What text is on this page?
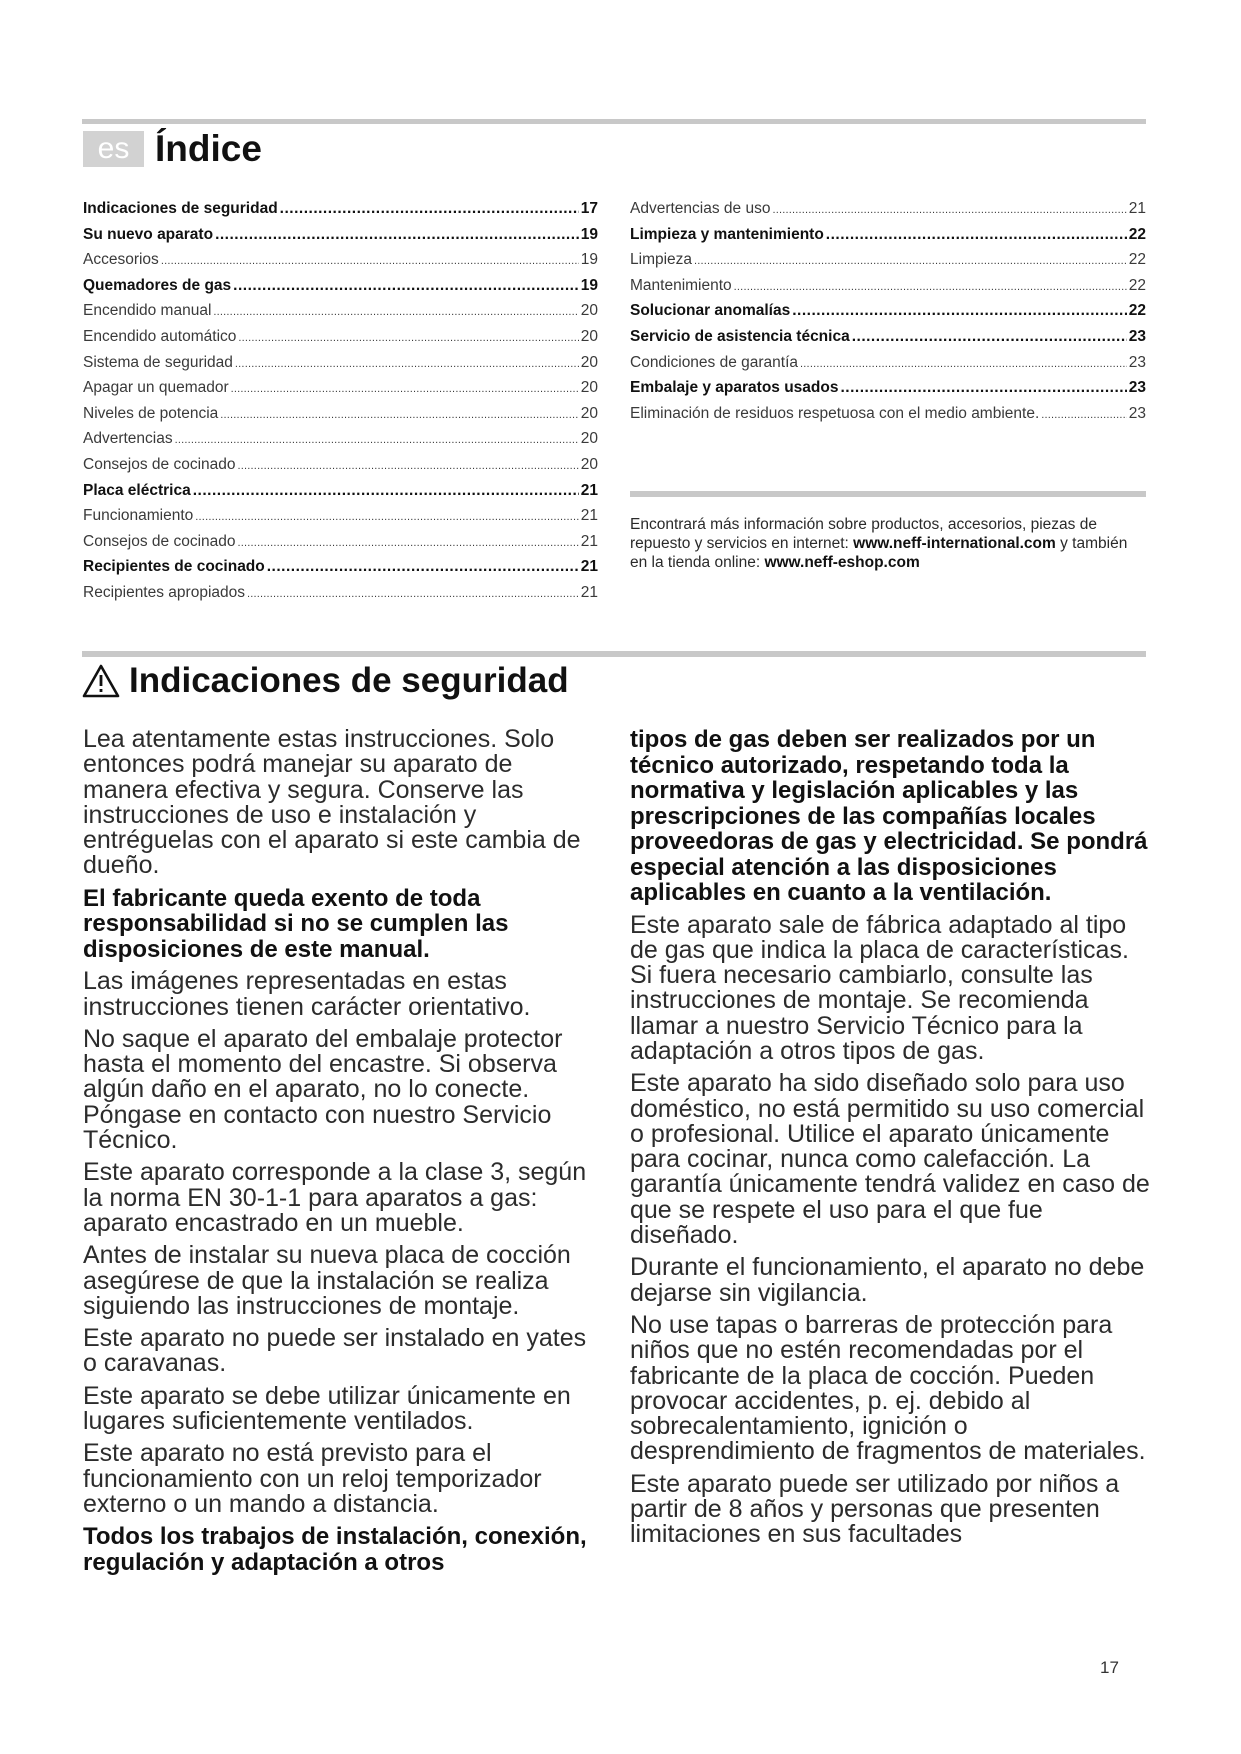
es Índice
Indicaciones de seguridad .....	17
Su nuevo aparato .....	19
Accesorios .....	19
Quemadores de gas .....	19
Encendido manual .....	20
Encendido automático .....	20
Sistema de seguridad .....	20
Apagar un quemador .....	20
Niveles de potencia .....	20
Advertencias .....	20
Consejos de cocinado .....	20
Placa eléctrica .....	21
Funcionamiento .....	21
Consejos de cocinado .....	21
Recipientes de cocinado .....	21
Recipientes apropiados .....	21
Advertencias de uso .....	21
Limpieza y mantenimiento .....	22
Limpieza .....	22
Mantenimiento .....	22
Solucionar anomalías .....	22
Servicio de asistencia técnica .....	23
Condiciones de garantía .....	23
Embalaje y aparatos usados .....	23
Eliminación de residuos respetuosa con el medio ambiente. .....	23

Encontrará más información sobre productos, accesorios, piezas de repuesto y servicios en internet: www.neff-international.com y también en la tienda online: www.neff-eshop.com

Indicaciones de seguridad

Lea atentamente estas instrucciones. Solo entonces podrá manejar su aparato de manera efectiva y segura. Conserve las instrucciones de uso e instalación y entréguelas con el aparato si este cambia de dueño.

El fabricante queda exento de toda responsabilidad si no se cumplen las disposiciones de este manual.

Las imágenes representadas en estas instrucciones tienen carácter orientativo.

No saque el aparato del embalaje protector hasta el momento del encastre. Si observa algún daño en el aparato, no lo conecte. Póngase en contacto con nuestro Servicio Técnico.

Este aparato corresponde a la clase 3, según la norma EN 30-1-1 para aparatos a gas: aparato encastrado en un mueble.

Antes de instalar su nueva placa de cocción asegúrese de que la instalación se realiza siguiendo las instrucciones de montaje.

Este aparato no puede ser instalado en yates o caravanas.

Este aparato se debe utilizar únicamente en lugares suficientemente ventilados.

Este aparato no está previsto para el funcionamiento con un reloj temporizador externo o un mando a distancia.

Todos los trabajos de instalación, conexión, regulación y adaptación a otros

tipos de gas deben ser realizados por un técnico autorizado, respetando toda la normativa y legislación aplicables y las prescripciones de las compañías locales proveedoras de gas y electricidad. Se pondrá especial atención a las disposiciones aplicables en cuanto a la ventilación.

Este aparato sale de fábrica adaptado al tipo de gas que indica la placa de características. Si fuera necesario cambiarlo, consulte las instrucciones de montaje. Se recomienda llamar a nuestro Servicio Técnico para la adaptación a otros tipos de gas.

Este aparato ha sido diseñado solo para uso doméstico, no está permitido su uso comercial o profesional. Utilice el aparato únicamente para cocinar, nunca como calefacción. La garantía únicamente tendrá validez en caso de que se respete el uso para el que fue diseñado.

Durante el funcionamiento, el aparato no debe dejarse sin vigilancia.

No use tapas o barreras de protección para niños que no estén recomendadas por el fabricante de la placa de cocción. Pueden provocar accidentes, p. ej. debido al sobrecalentamiento, ignición o desprendimiento de fragmentos de materiales.

Este aparato puede ser utilizado por niños a partir de 8 años y personas que presenten limitaciones en sus facultades

17
